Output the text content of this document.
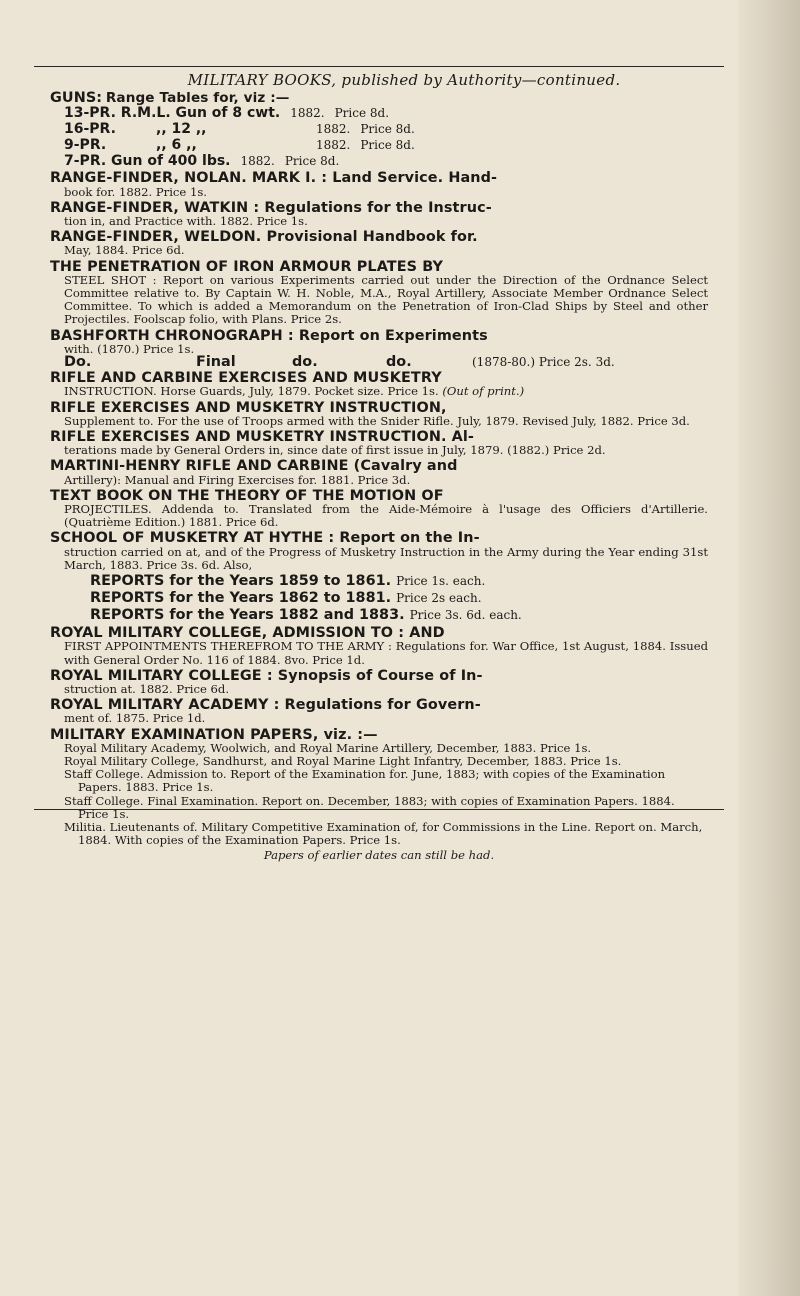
MILITARY BOOKS, published by Authority—continued.
GUNS: Range Tables for, viz :—
13-PR. R.M.L. Gun of 8 cwt. 1882. Price 8d.
16-PR.	,, 12 ,,	1882. Price 8d.
9-PR.	,, 6 ,,	1882. Price 8d.
7-PR. Gun of 400 lbs. 1882. Price 8d.
RANGE-FINDER, NOLAN. MARK I. : Land Service. Hand-
book for. 1882. Price 1s.
RANGE-FINDER, WATKIN : Regulations for the Instruc-
tion in, and Practice with. 1882. Price 1s.
RANGE-FINDER, WELDON. Provisional Handbook for.
May, 1884. Price 6d.
THE PENETRATION OF IRON ARMOUR PLATES BY
STEEL SHOT : Report on various Experiments carried out under the Direction of the Ordnance Select Committee relative to. By Captain W. H. Noble, M.A., Royal Artillery, Associate Member Ordnance Select Committee. To which is added a Memorandum on the Penetration of Iron-Clad Ships by Steel and other Projectiles. Foolscap folio, with Plans. Price 2s.
BASHFORTH CHRONOGRAPH : Report on Experiments
with. (1870.) Price 1s.
Do.	Final	do.	do.	(1878-80.) Price 2s. 3d.
RIFLE AND CARBINE EXERCISES AND MUSKETRY
INSTRUCTION. Horse Guards, July, 1879. Pocket size. Price 1s. (Out of print.)
RIFLE EXERCISES AND MUSKETRY INSTRUCTION,
Supplement to. For the use of Troops armed with the Snider Rifle. July, 1879. Revised July, 1882. Price 3d.
RIFLE EXERCISES AND MUSKETRY INSTRUCTION. Al-
terations made by General Orders in, since date of first issue in July, 1879. (1882.) Price 2d.
MARTINI-HENRY RIFLE AND CARBINE (Cavalry and
Artillery): Manual and Firing Exercises for. 1881. Price 3d.
TEXT BOOK ON THE THEORY OF THE MOTION OF
PROJECTILES. Addenda to. Translated from the Aide-Mémoire à l'usage des Officiers d'Artillerie. (Quatrième Edition.) 1881. Price 6d.
SCHOOL OF MUSKETRY AT HYTHE : Report on the In-
struction carried on at, and of the Progress of Musketry Instruction in the Army during the Year ending 31st March, 1883. Price 3s. 6d. Also,
REPORTS for the Years 1859 to 1861. Price 1s. each.
REPORTS for the Years 1862 to 1881. Price 2s each.
REPORTS for the Years 1882 and 1883. Price 3s. 6d. each.
ROYAL MILITARY COLLEGE, ADMISSION TO : AND
FIRST APPOINTMENTS THEREFROM TO THE ARMY : Regulations for. War Office, 1st August, 1884. Issued with General Order No. 116 of 1884. 8vo. Price 1d.
ROYAL MILITARY COLLEGE : Synopsis of Course of In-
struction at. 1882. Price 6d.
ROYAL MILITARY ACADEMY : Regulations for Govern-
ment of. 1875. Price 1d.
MILITARY EXAMINATION PAPERS, viz. :—
Royal Military Academy, Woolwich, and Royal Marine Artillery, December, 1883. Price 1s.
Royal Military College, Sandhurst, and Royal Marine Light Infantry, December, 1883. Price 1s.
Staff College. Admission to. Report of the Examination for. June, 1883; with copies of the Examination Papers. 1883. Price 1s.
Staff College. Final Examination. Report on. December, 1883; with copies of Examination Papers. 1884. Price 1s.
Militia. Lieutenants of. Military Competitive Examination of, for Commissions in the Line. Report on. March, 1884. With copies of the Examination Papers. Price 1s.
Papers of earlier dates can still be had.
